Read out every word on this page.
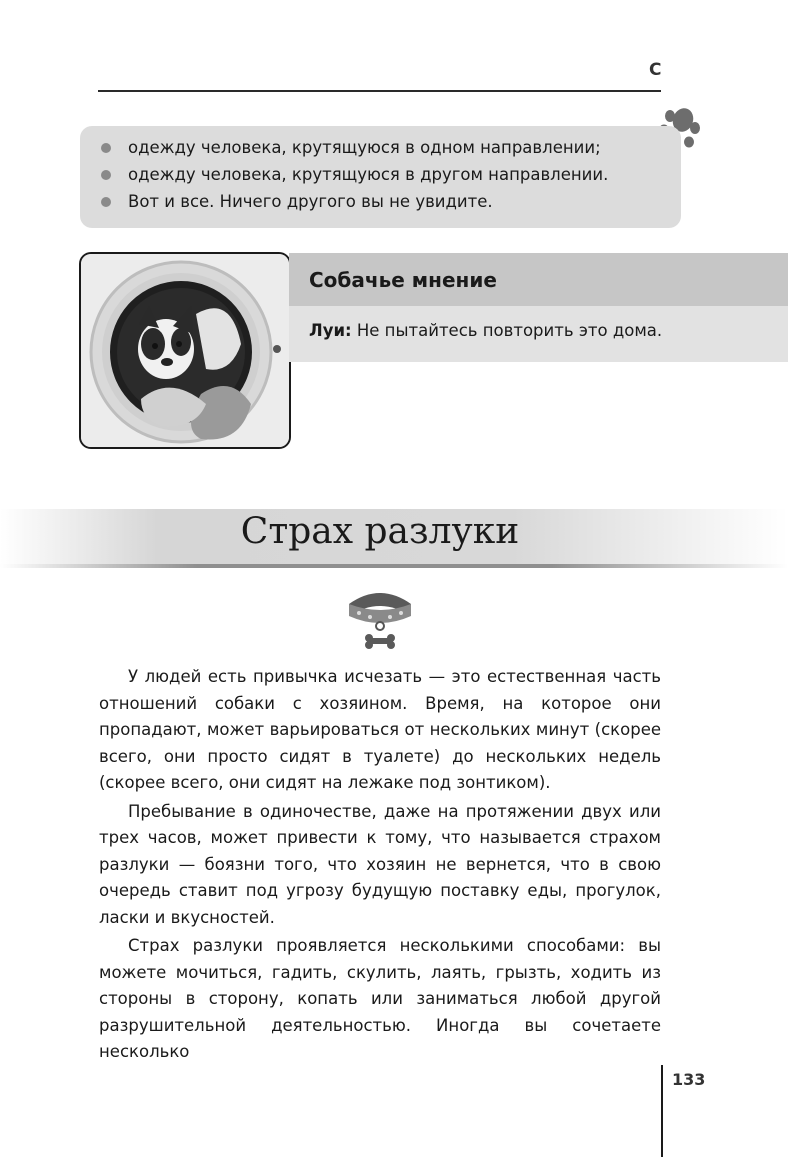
С
одежду человека, крутящуюся в одном направлении;
одежду человека, крутящуюся в другом направлении.
Вот и все. Ничего другого вы не увидите.
Собачье мнение
Луи: Не пытайтесь повторить это дома.
Страх разлуки

У людей есть привычка исчезать — это естественная часть отношений собаки с хозяином. Время, на которое они пропадают, может варьироваться от нескольких минут (скорее всего, они просто сидят в туалете) до нескольких недель (скорее всего, они сидят на лежаке под зонтиком).

Пребывание в одиночестве, даже на протяжении двух или трех часов, может привести к тому, что называется страхом разлуки — боязни того, что хозяин не вернется, что в свою очередь ставит под угрозу будущую поставку еды, прогулок, ласки и вкусностей.

Страх разлуки проявляется несколькими способами: вы можете мочиться, гадить, скулить, лаять, грызть, ходить из стороны в сторону, копать или заниматься любой другой разрушительной деятельностью. Иногда вы сочетаете несколько

133
